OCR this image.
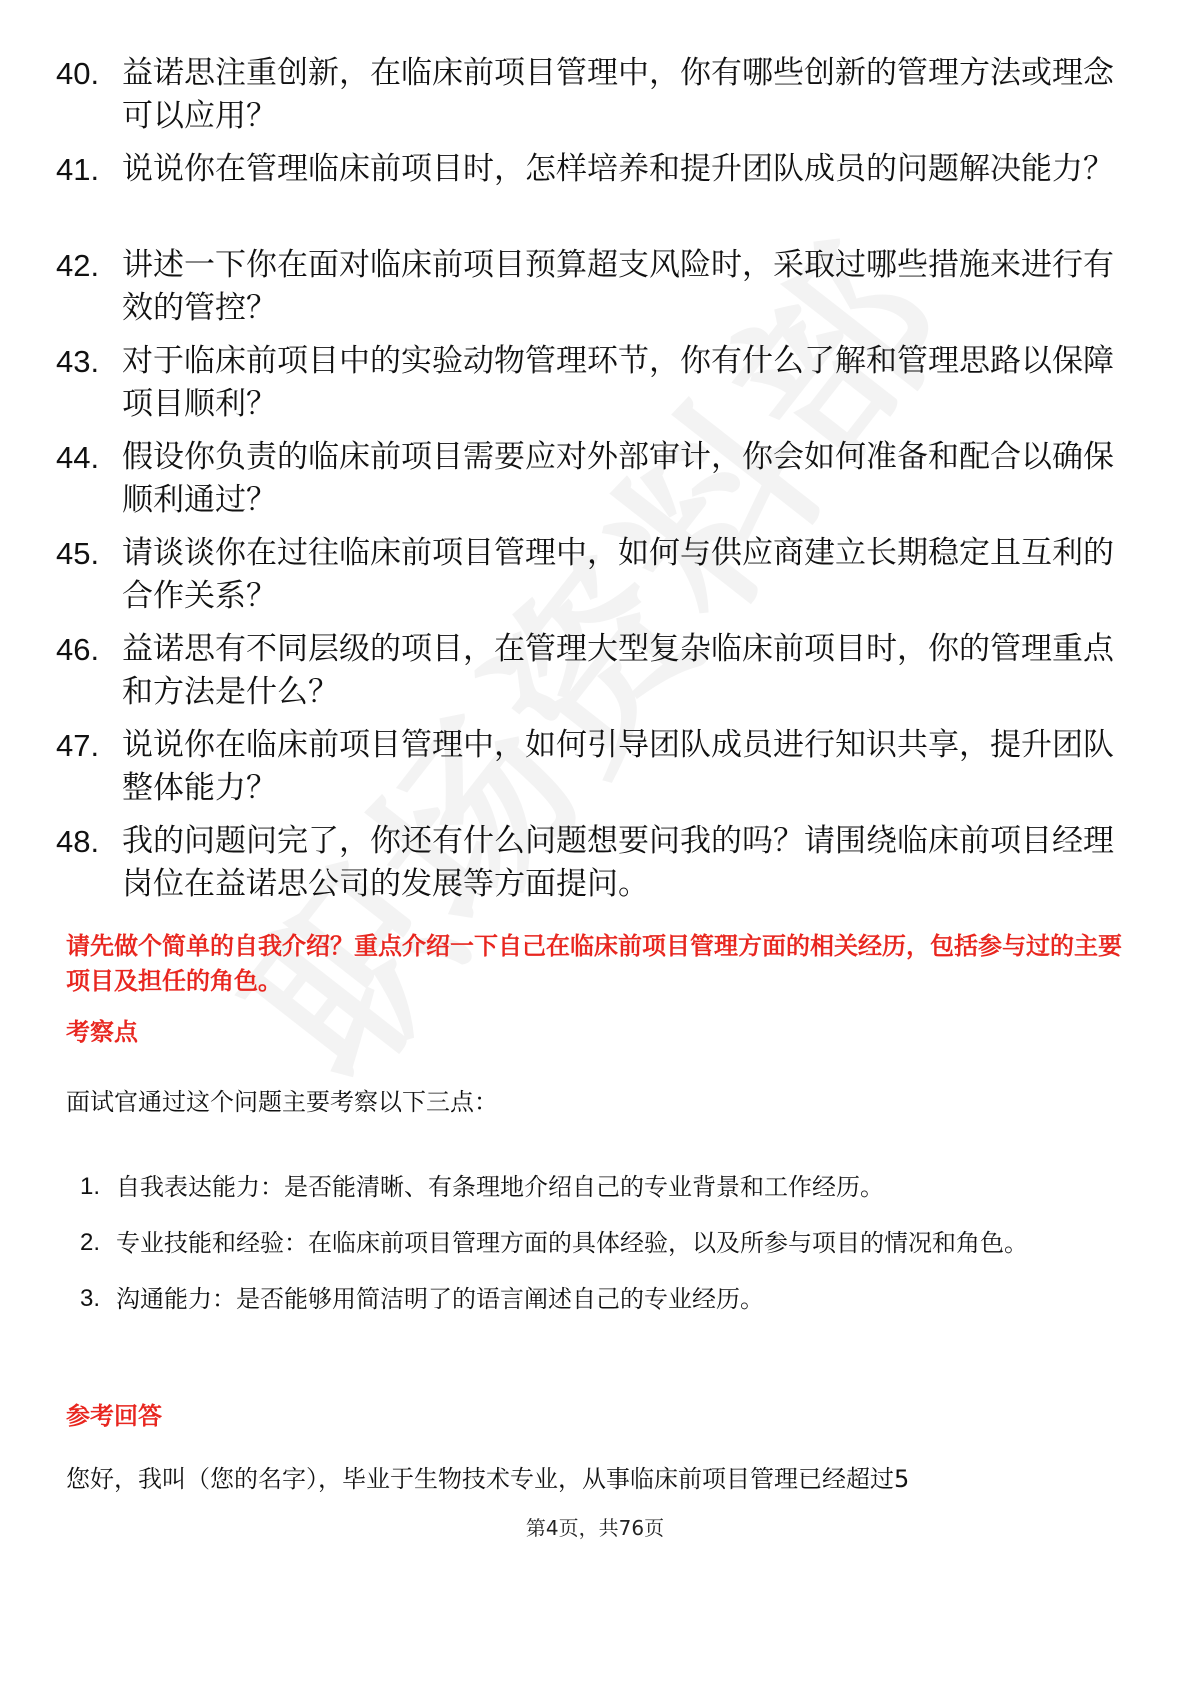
40. 益诺思注重创新，在临床前项目管理中，你有哪些创新的管理方法或理念可以应用？
41. 说说你在管理临床前项目时，怎样培养和提升团队成员的问题解决能力？
42. 讲述一下你在面对临床前项目预算超支风险时，采取过哪些措施来进行有效的管控？
43. 对于临床前项目中的实验动物管理环节，你有什么了解和管理思路以保障项目顺利？
44. 假设你负责的临床前项目需要应对外部审计，你会如何准备和配合以确保顺利通过？
45. 请谈谈你在过往临床前项目管理中，如何与供应商建立长期稳定且互利的合作关系？
46. 益诺思有不同层级的项目，在管理大型复杂临床前项目时，你的管理重点和方法是什么？
47. 说说你在临床前项目管理中，如何引导团队成员进行知识共享，提升团队整体能力？
48. 我的问题问完了，你还有什么问题想要问我的吗？请围绕临床前项目经理岗位在益诺思公司的发展等方面提问。
请先做个简单的自我介绍？重点介绍一下自己在临床前项目管理方面的相关经历，包括参与过的主要项目及担任的角色。
考察点
面试官通过这个问题主要考察以下三点：
1. 自我表达能力：是否能清晰、有条理地介绍自己的专业背景和工作经历。
2. 专业技能和经验：在临床前项目管理方面的具体经验，以及所参与项目的情况和角色。
3. 沟通能力：是否能够用简洁明了的语言阐述自己的专业经历。
参考回答
您好，我叫（您的名字），毕业于生物技术专业，从事临床前项目管理已经超过5
第4页，共76页
